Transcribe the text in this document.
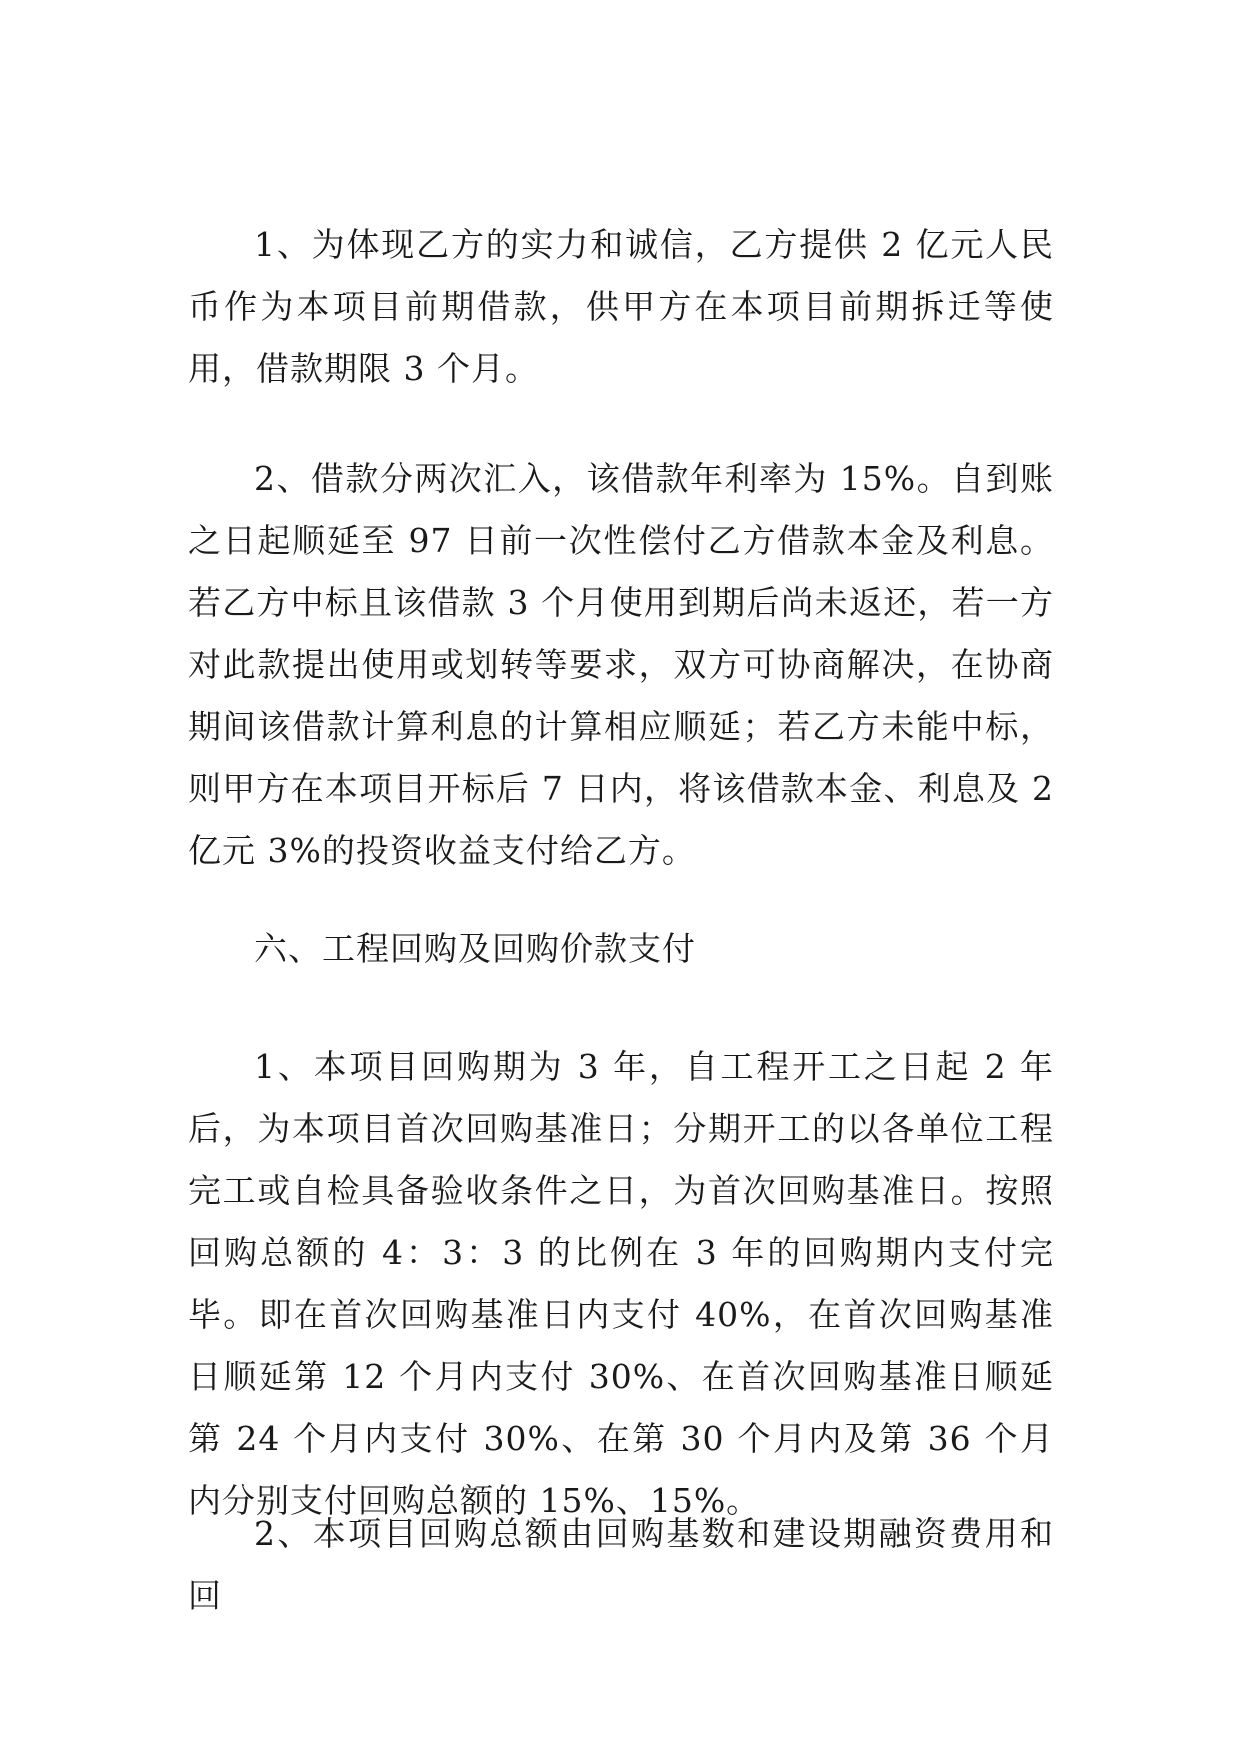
1、为体现乙方的实力和诚信，乙方提供 2 亿元人民币作为本项目前期借款，供甲方在本项目前期拆迁等使用，借款期限 3 个月。

2、借款分两次汇入，该借款年利率为 15%。自到账之日起顺延至 97 日前一次性偿付乙方借款本金及利息。若乙方中标且该借款 3 个月使用到期后尚未返还，若一方对此款提出使用或划转等要求，双方可协商解决，在协商期间该借款计算利息的计算相应顺延；若乙方未能中标，则甲方在本项目开标后 7 日内，将该借款本金、利息及 2 亿元 3%的投资收益支付给乙方。

六、工程回购及回购价款支付

1、本项目回购期为 3 年，自工程开工之日起 2 年后，为本项目首次回购基准日；分期开工的以各单位工程完工或自检具备验收条件之日，为首次回购基准日。按照回购总额的 4：3：3 的比例在 3 年的回购期内支付完毕。即在首次回购基准日内支付 40%，在首次回购基准日顺延第 12 个月内支付 30%、在首次回购基准日顺延第 24 个月内支付 30%、在第 30 个月内及第 36 个月内分别支付回购总额的 15%、15%。

2、本项目回购总额由回购基数和建设期融资费用和回
